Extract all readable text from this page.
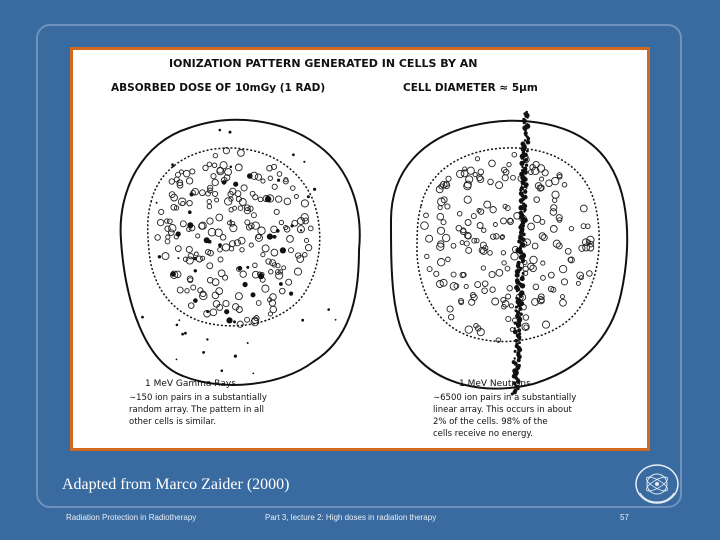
IONIZATION PATTERN GENERATED IN CELLS BY AN
ABSORBED DOSE OF 10mGy (1 RAD)	CELL DIAMETER ≈ 5μm
1 MeV Gamma Rays
∼150 ion pairs in a substantially
random array. The pattern in all
other cells is similar.
1 MeV Neutrons
∼6500 ion pairs in a substantially
linear array. This occurs in about
2% of the cells. 98% of the
cells receive no energy.
Adapted from Marco Zaider (2000)
Radiation Protection in Radiotherapy	Part 3, lecture 2: High doses in radiation therapy	57
